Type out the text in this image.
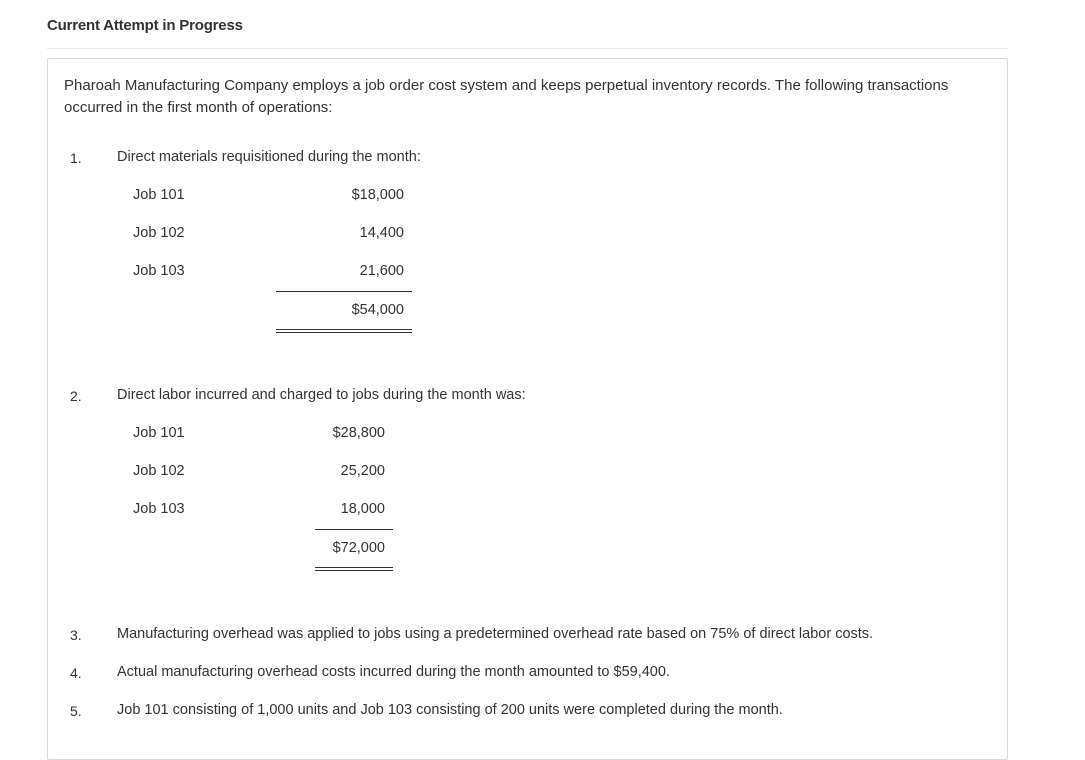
Current Attempt in Progress
Pharoah Manufacturing Company employs a job order cost system and keeps perpetual inventory records. The following transactions occurred in the first month of operations:
1. Direct materials requisitioned during the month:
Job 101	$18,000
Job 102	14,400
Job 103	21,600
$54,000
2. Direct labor incurred and charged to jobs during the month was:
Job 101	$28,800
Job 102	25,200
Job 103	18,000
$72,000
3. Manufacturing overhead was applied to jobs using a predetermined overhead rate based on 75% of direct labor costs.
4. Actual manufacturing overhead costs incurred during the month amounted to $59,400.
5. Job 101 consisting of 1,000 units and Job 103 consisting of 200 units were completed during the month.
